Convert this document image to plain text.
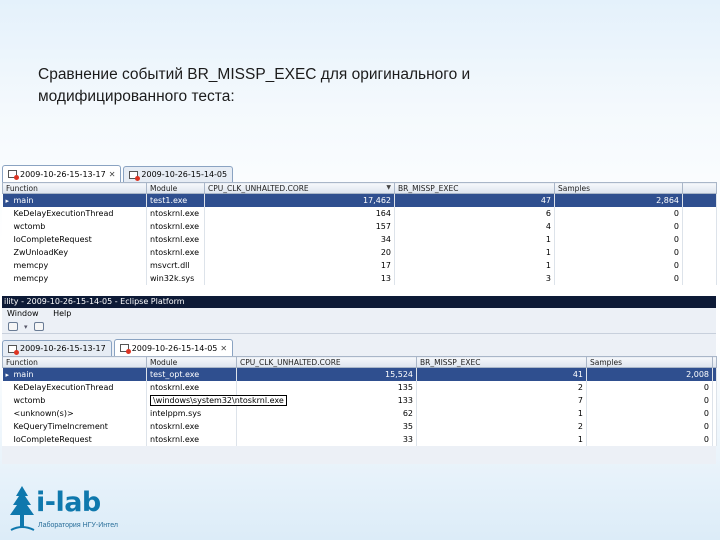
Сравнение событий BR_MISSP_EXEC для оригинального и
модифицированного теста:
2009-10-26-15-13-17 ✕	2009-10-26-15-14-05
Function	Module	CPU_CLK_UNHALTED.CORE ▼	BR_MISSP_EXEC	Samples	
▸ main	test1.exe	17,462	47	2,864	
KeDelayExecutionThread	ntoskrnl.exe	164	6	0	
wctomb	ntoskrnl.exe	157	4	0	
IoCompleteRequest	ntoskrnl.exe	34	1	0	
ZwUnloadKey	ntoskrnl.exe	20	1	0	
memcpy	msvcrt.dll	17	1	0	
memcpy	win32k.sys	13	3	0	
ility - 2009-10-26-15-14-05 - Eclipse Platform
Window Help
▾
2009-10-26-15-13-17	2009-10-26-15-14-05 ✕
Function	Module	CPU_CLK_UNHALTED.CORE	BR_MISSP_EXEC	Samples	
▸ main	test_opt.exe	15,524	41	2,008	
KeDelayExecutionThread	ntoskrnl.exe	135	2	0	
wctomb	\windows\system32\ntoskrnl.exe	133	7	0	
<unknown(s)>	intelppm.sys	62	1	0	
KeQueryTimeIncrement	ntoskrnl.exe	35	2	0	
IoCompleteRequest	ntoskrnl.exe	33	1	0	
i-lab
Лаборатория НГУ-Интел
